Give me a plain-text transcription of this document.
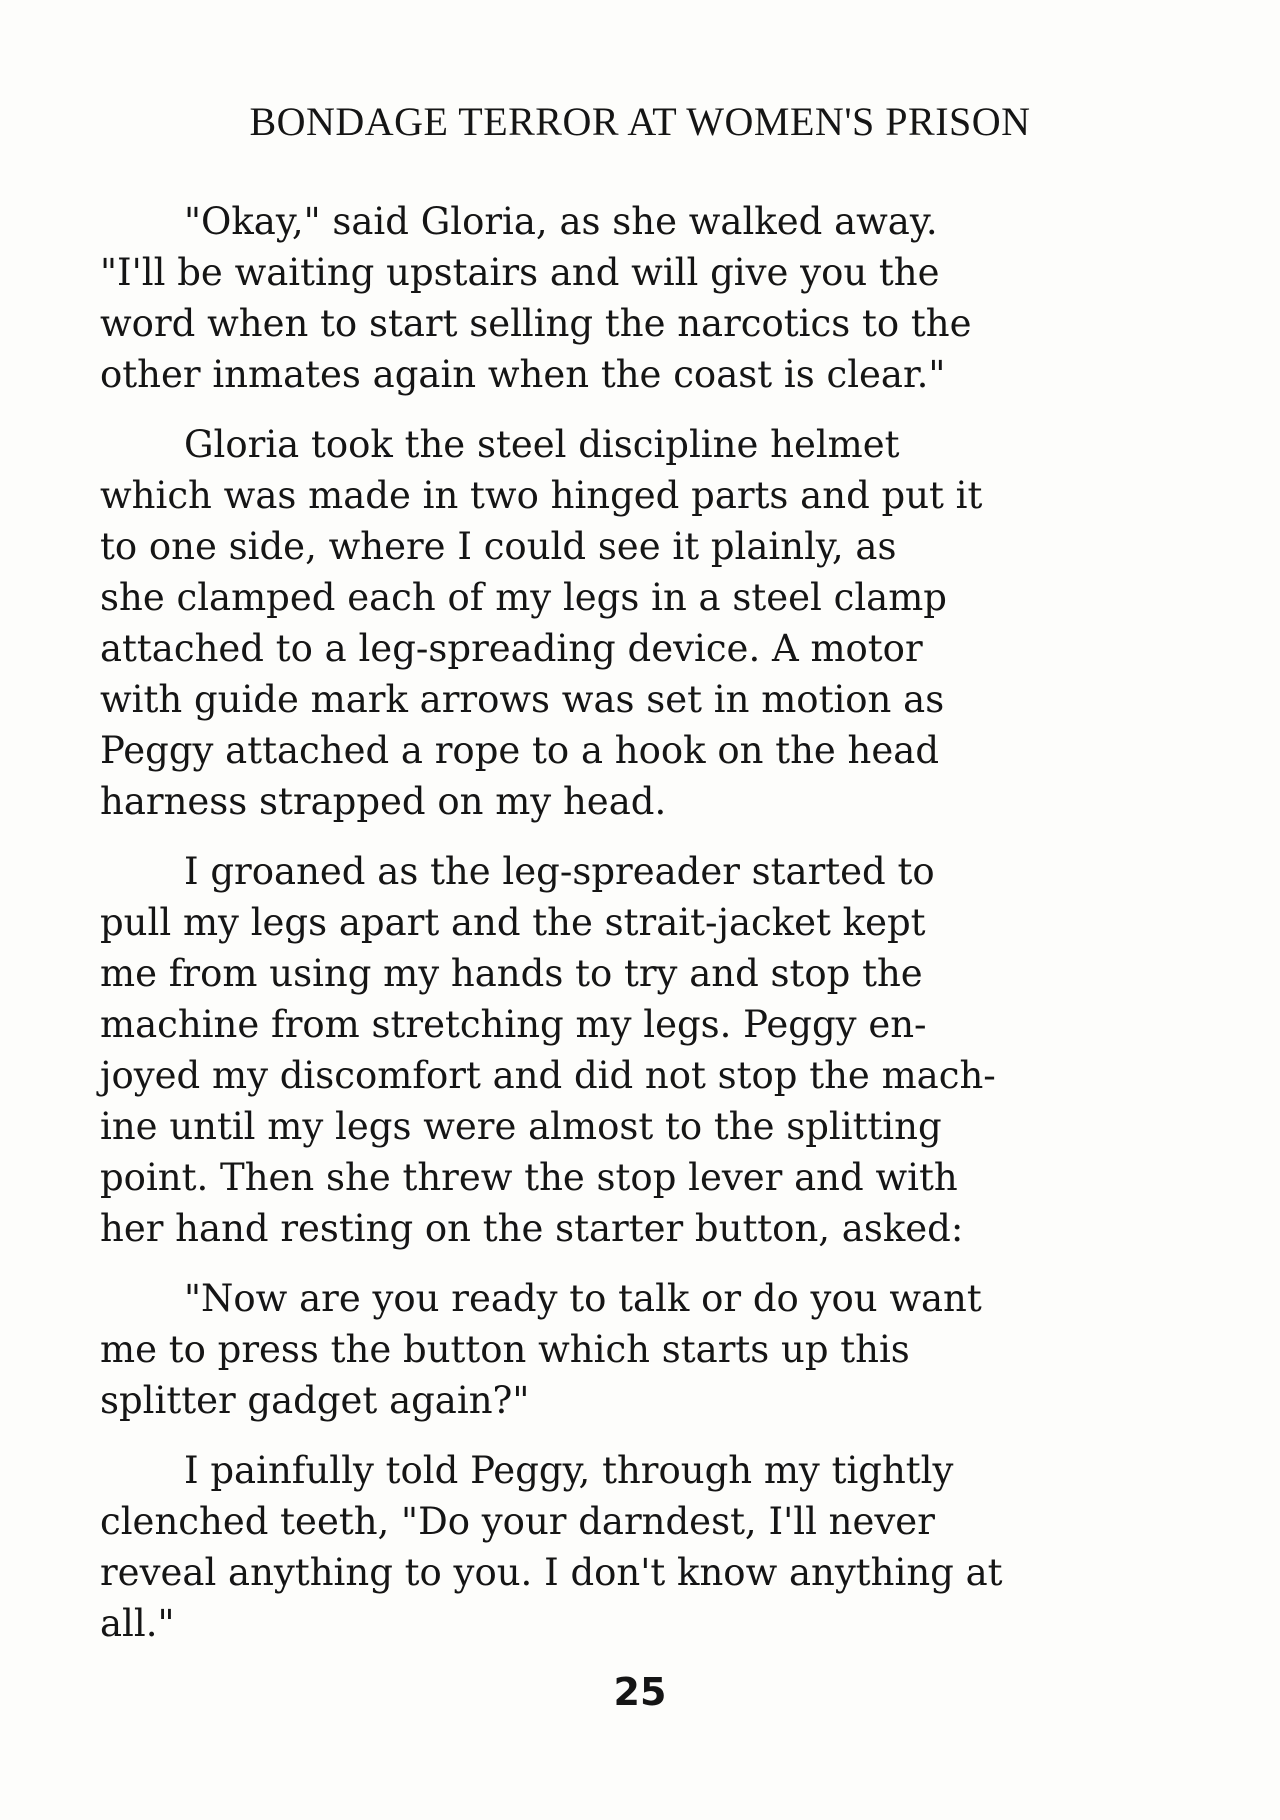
BONDAGE TERROR AT WOMEN'S PRISON
"Okay," said Gloria, as she walked away.
"I'll be waiting upstairs and will give you the
word when to start selling the narcotics to the
other inmates again when the coast is clear."
Gloria took the steel discipline helmet
which was made in two hinged parts and put it
to one side, where I could see it plainly, as
she clamped each of my legs in a steel clamp
attached to a leg-spreading device. A motor
with guide mark arrows was set in motion as
Peggy attached a rope to a hook on the head
harness strapped on my head.
I groaned as the leg-spreader started to
pull my legs apart and the strait-jacket kept
me from using my hands to try and stop the
machine from stretching my legs. Peggy en-
joyed my discomfort and did not stop the mach-
ine until my legs were almost to the splitting
point. Then she threw the stop lever and with
her hand resting on the starter button, asked:
"Now are you ready to talk or do you want
me to press the button which starts up this
splitter gadget again?"
I painfully told Peggy, through my tightly
clenched teeth, "Do your darndest, I'll never
reveal anything to you. I don't know anything at
all."
25
